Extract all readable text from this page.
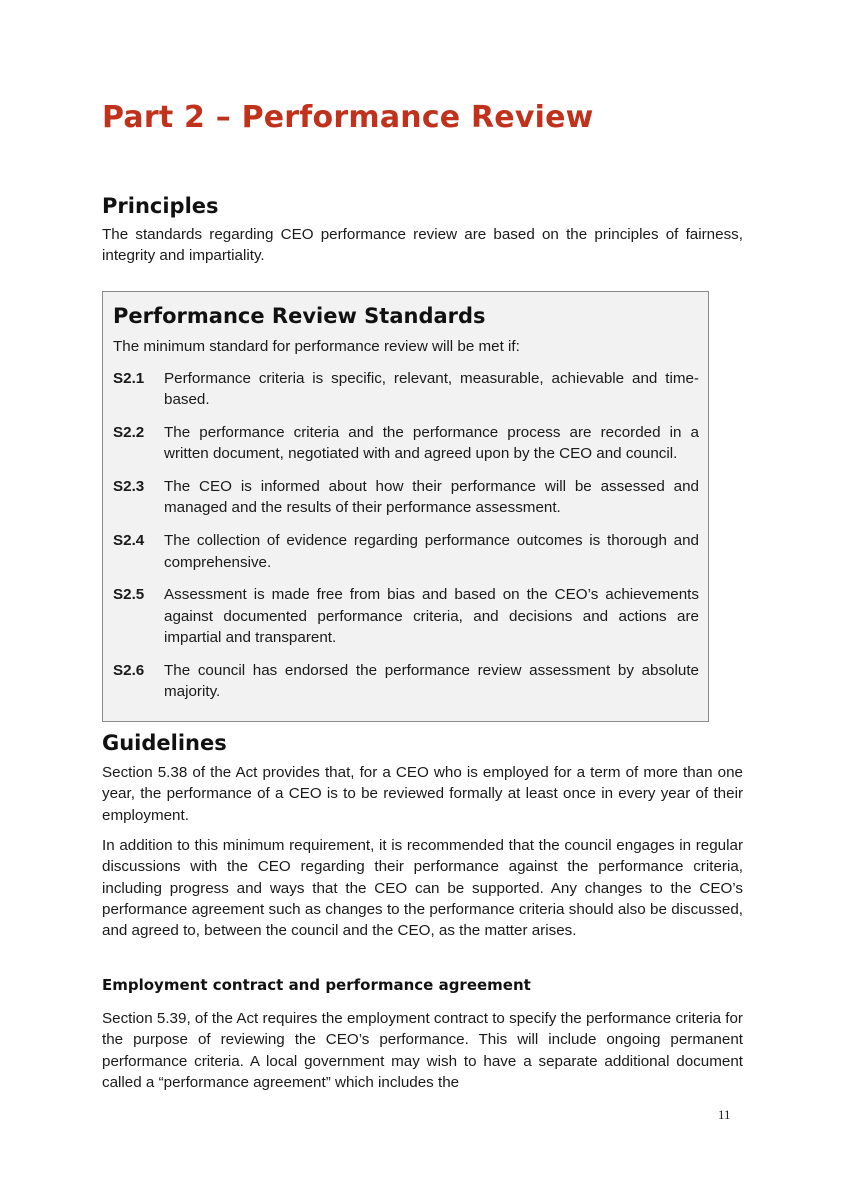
Part 2 – Performance Review
Principles

The standards regarding CEO performance review are based on the principles of fairness, integrity and impartiality.

Performance Review Standards

The minimum standard for performance review will be met if:

S2.1	Performance criteria is specific, relevant, measurable, achievable and time-based.
S2.2	The performance criteria and the performance process are recorded in a written document, negotiated with and agreed upon by the CEO and council.
S2.3	The CEO is informed about how their performance will be assessed and managed and the results of their performance assessment.
S2.4	The collection of evidence regarding performance outcomes is thorough and comprehensive.
S2.5	Assessment is made free from bias and based on the CEO’s achievements against documented performance criteria, and decisions and actions are impartial and transparent.
S2.6	The council has endorsed the performance review assessment by absolute majority.
Guidelines

Section 5.38 of the Act provides that, for a CEO who is employed for a term of more than one year, the performance of a CEO is to be reviewed formally at least once in every year of their employment.

In addition to this minimum requirement, it is recommended that the council engages in regular discussions with the CEO regarding their performance against the performance criteria, including progress and ways that the CEO can be supported. Any changes to the CEO’s performance agreement such as changes to the performance criteria should also be discussed, and agreed to, between the council and the CEO, as the matter arises.

Employment contract and performance agreement

Section 5.39, of the Act requires the employment contract to specify the performance criteria for the purpose of reviewing the CEO’s performance. This will include ongoing permanent performance criteria. A local government may wish to have a separate additional document called a “performance agreement” which includes the

11
